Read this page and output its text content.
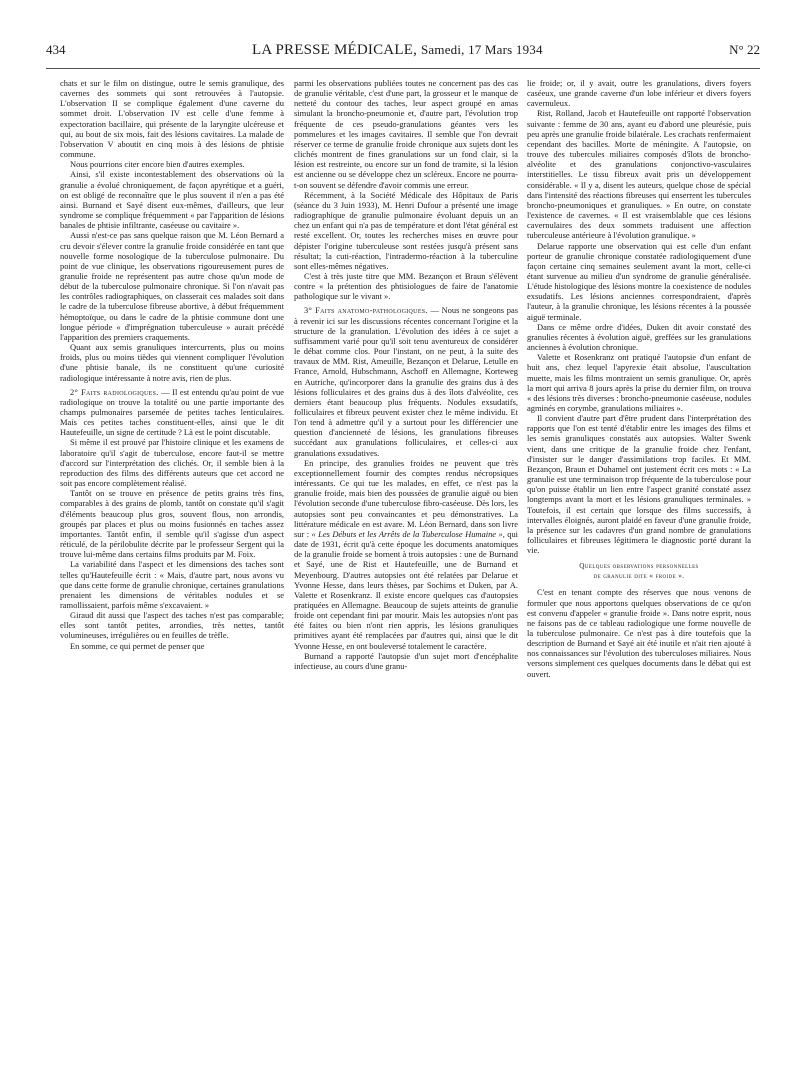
434	LA PRESSE MÉDICALE, Samedi, 17 Mars 1934	N° 22

chats et sur le film on distingue, outre le semis granulique, des cavernes des sommets qui sont retrouvées à l'autopsie. L'observation II se complique également d'une caverne du sommet droit. L'observation IV est celle d'une femme à expectoration bacillaire, qui présente de la laryngite ulcéreuse et qui, au bout de six mois, fait des lésions cavitaires. La malade de l'observation V aboutit en cinq mois à des lésions de phtisie commune.

Nous pourrions citer encore bien d'autres exemples.

Ainsi, s'il existe incontestablement des observations où la granulie a évolué chroniquement, de façon apyrétique et a guéri, on est obligé de reconnaître que le plus souvent il n'en a pas été ainsi. Burnand et Sayé disent eux-mêmes, d'ailleurs, que leur syndrome se complique fréquemment « par l'apparition de lésions banales de phtisie infiltrante, caséeuse ou cavitaire ».

Aussi n'est-ce pas sans quelque raison que M. Léon Bernard a cru devoir s'élever contre la granulie froide considérée en tant que nouvelle forme nosologique de la tuberculose pulmonaire. Du point de vue clinique, les observations rigoureusement pures de granulie froide ne représentent pas autre chose qu'un mode de début de la tuberculose pulmonaire chronique. Si l'on n'avait pas les contrôles radiographiques, on classerait ces malades soit dans le cadre de la tuberculose fibreuse abortive, à début fréquemment hémoptoïque, ou dans le cadre de la phtisie commune dont une longue période « d'imprégnation tuberculeuse » aurait précédé l'apparition des premiers craquements.

Quant aux semis granuliques intercurrents, plus ou moins froids, plus ou moins tièdes qui viennent compliquer l'évolution d'une phtisie banale, ils ne constituent qu'une curiosité radiologique intéressante à notre avis, rien de plus.

2° Faits radiologiques. — Il est entendu qu'au point de vue radiologique on trouve la totalité ou une partie importante des champs pulmonaires parsemée de petites taches lenticulaires. Mais ces petites taches constituent-elles, ainsi que le dit Hautefeuille, un signe de certitude ? Là est le point discutable.

Si même il est prouvé par l'histoire clinique et les examens de laboratoire qu'il s'agit de tuberculose, encore faut-il se mettre d'accord sur l'interprétation des clichés. Or, il semble bien à la reproduction des films des différents auteurs que cet accord ne soit pas encore complètement réalisé.

Tantôt on se trouve en présence de petits grains très fins, comparables à des grains de plomb, tantôt on constate qu'il s'agit d'éléments beaucoup plus gros, souvent flous, non arrondis, groupés par places et plus ou moins fusionnés en taches assez importantes. Tantôt enfin, il semble qu'il s'agisse d'un aspect réticulé, de la périlobulite décrite par le professeur Sergent qui la trouve lui-même dans certains films produits par M. Foix.

La variabilité dans l'aspect et les dimensions des taches sont telles qu'Hautefeuille écrit : « Mais, d'autre part, nous avons vu que dans cette forme de granulie chronique, certaines granulations prenaient les dimensions de véritables nodules et se ramollissaient, parfois même s'excavaient. »

Giraud dit aussi que l'aspect des taches n'est pas comparable; elles sont tantôt petites, arrondies, très nettes, tantôt volumineuses, irrégulières ou en feuilles de trèfle.

En somme, ce qui permet de penser que

parmi les observations publiées toutes ne concernent pas des cas de granulie véritable, c'est d'une part, la grosseur et le manque de netteté du contour des taches, leur aspect groupé en amas simulant la broncho-pneumonie et, d'autre part, l'évolution trop fréquente de ces pseudo-granulations géantes vers les pommelures et les images cavitaires. Il semble que l'on devrait réserver ce terme de granulie froide chronique aux sujets dont les clichés montrent de fines granulations sur un fond clair, si la lésion est restreinte, ou encore sur un fond de tramite, si la lésion est ancienne ou se développe chez un scléreux. Encore ne pourra-t-on souvent se défendre d'avoir commis une erreur.

Récemment, à la Société Médicale des Hôpitaux de Paris (séance du 3 Juin 1933), M. Henri Dufour a présenté une image radiographique de granulie pulmonaire évoluant depuis un an chez un enfant qui n'a pas de température et dont l'état général est resté excellent. Or, toutes les recherches mises en œuvre pour dépister l'origine tuberculeuse sont restées jusqu'à présent sans résultat; la cuti-réaction, l'intradermo-réaction à la tuberculine sont elles-mêmes négatives.

C'est à très juste titre que MM. Bezançon et Braun s'élèvent contre « la prétention des phtisiologues de faire de l'anatomie pathologique sur le vivant ».

3° Faits anatomo-pathologiques. — Nous ne songeons pas à revenir ici sur les discussions récentes concernant l'origine et la structure de la granulation. L'évolution des idées à ce sujet a suffisamment varié pour qu'il soit tenu aventureux de considérer le débat comme clos. Pour l'instant, on ne peut, à la suite des travaux de MM. Rist, Ameuille, Bezançon et Delarue, Letulle en France, Arnold, Hubschmann, Aschoff en Allemagne, Korteweg en Autriche, qu'incorporer dans la granulie des grains dus à des lésions folliculaires et des grains dus à des îlots d'alvéolite, ces derniers étant beaucoup plus fréquents. Nodules exsudatifs, folliculaires et fibreux peuvent exister chez le même individu. Et l'on tend à admettre qu'il y a surtout pour les différencier une question d'ancienneté de lésions, les granulations fibreuses succédant aux granulations folliculaires, et celles-ci aux granulations exsudatives.

En principe, des granulies froides ne peuvent que très exceptionnellement fournir des comptes rendus nécropsiques intéressants. Ce qui tue les malades, en effet, ce n'est pas la granulie froide, mais bien des poussées de granulie aiguë ou bien l'évolution seconde d'une tuberculose fibro-caséeuse. Dès lors, les autopsies sont peu convaincantes et peu démonstratives. La littérature médicale en est avare. M. Léon Bernard, dans son livre sur : « Les Débuts et les Arrêts de la Tuberculose Humaine », qui date de 1931, écrit qu'à cette époque les documents anatomiques de la granulie froide se bornent à trois autopsies : une de Burnand et Sayé, une de Rist et Hautefeuille, une de Burnand et Meyenbourg. D'autres autopsies ont été relatées par Delarue et Yvonne Hesse, dans leurs thèses, par Sochims et Duken, par A. Valette et Rosenkranz. Il existe encore quelques cas d'autopsies pratiquées en Allemagne. Beaucoup de sujets atteints de granulie froide ont cependant fini par mourir. Mais les autopsies n'ont pas été faites ou bien n'ont rien appris, les lésions granuliques primitives ayant été remplacées par d'autres qui, ainsi que le dit Yvonne Hesse, en ont bouleversé totalement le caractère.

Burnand a rapporté l'autopsie d'un sujet mort d'encéphalite infectieuse, au cours d'une granu-

lie froide; or, il y avait, outre les granulations, divers foyers caséeux, une grande caverne d'un lobe inférieur et divers foyers cavernuleux.

Rist, Rolland, Jacob et Hautefeuille ont rapporté l'observation suivante : femme de 30 ans, ayant eu d'abord une pleurésie, puis peu après une granulie froide bilatérale. Les crachats renfermaient cependant des bacilles. Morte de méningite. A l'autopsie, on trouve des tubercules miliaires composés d'îlots de broncho-alvéolite et des granulations conjonctivo-vasculaires interstitielles. Le tissu fibreux avait pris un développement considérable. « Il y a, disent les auteurs, quelque chose de spécial dans l'intensité des réactions fibreuses qui enserrent les tubercules broncho-pneumoniques et granuliques. » En outre, on constate l'existence de cavernes. « Il est vraisemblable que ces lésions cavernulaires des deux sommets traduisent une affection tuberculeuse antérieure à l'évolution granulique. »

Delarue rapporte une observation qui est celle d'un enfant porteur de granulie chronique constatée radiologiquement d'une façon certaine cinq semaines seulement avant la mort, celle-ci étant survenue au milieu d'un syndrome de granulie généralisée. L'étude histologique des lésions montre la coexistence de nodules exsudatifs. Les lésions anciennes correspondraient, d'après l'auteur, à la granulie chronique, les lésions récentes à la poussée aiguë terminale.

Dans ce même ordre d'idées, Duken dit avoir constaté des granulies récentes à évolution aiguë, greffées sur les granulations anciennes à évolution chronique.

Valette et Rosenkranz ont pratiqué l'autopsie d'un enfant de huit ans, chez lequel l'apyrexie était absolue, l'auscultation muette, mais les films montraient un semis granulique. Or, après la mort qui arriva 8 jours après la prise du dernier film, on trouva « des lésions très diverses : broncho-pneumonie caséeuse, nodules agminés en corymbe, granulations miliaires ».

Il convient d'autre part d'être prudent dans l'interprétation des rapports que l'on est tenté d'établir entre les images des films et les semis granuliques constatés aux autopsies. Walter Swenk vient, dans une critique de la granulie froide chez l'enfant, d'insister sur le danger d'assimilations trop faciles. Et MM. Bezançon, Braun et Duhamel ont justement écrit ces mots : « La granulie est une terminaison trop fréquente de la tuberculose pour qu'on puisse établir un lien entre l'aspect granité constaté assez longtemps avant la mort et les lésions granuliques terminales. » Toutefois, il est certain que lorsque des films successifs, à intervalles éloignés, auront plaidé en faveur d'une granulie froide, la présence sur les cadavres d'un grand nombre de granulations folliculaires et fibreuses légitimera le diagnostic porté durant la vie.

Quelques observations personnelles
de granulie dite « froide ».

C'est en tenant compte des réserves que nous venons de formuler que nous apportons quelques observations de ce qu'on est convenu d'appeler « granulie froide ». Dans notre esprit, nous ne faisons pas de ce tableau radiologique une forme nouvelle de la tuberculose pulmonaire. Ce n'est pas à dire toutefois que la description de Burnand et Sayé ait été inutile et n'ait rien ajouté à nos connaissances sur l'évolution des tuberculoses miliaires. Nous versons simplement ces quelques documents dans le débat qui est ouvert.
